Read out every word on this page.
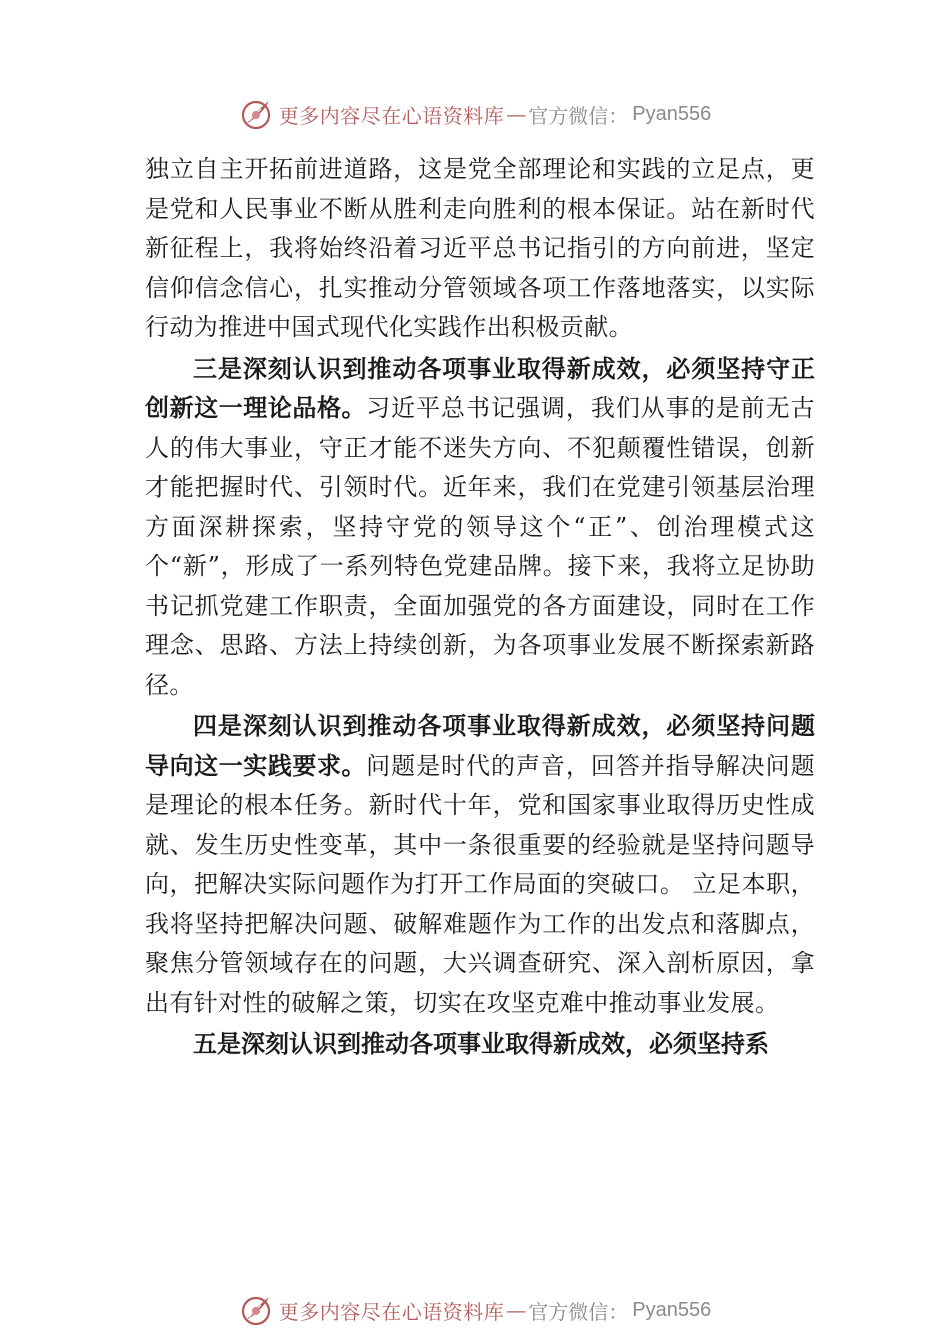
更多内容尽在心语资料库 — 官方微信： Pyan556

独立自主开拓前进道路，这是党全部理论和实践的立足点，更是党和人民事业不断从胜利走向胜利的根本保证。站在新时代新征程上，我将始终沿着习近平总书记指引的方向前进，坚定信仰信念信心，扎实推动分管领域各项工作落地落实，以实际行动为推进中国式现代化实践作出积极贡献。

三是深刻认识到推动各项事业取得新成效，必须坚持守正创新这一理论品格。习近平总书记强调，我们从事的是前无古人的伟大事业，守正才能不迷失方向、不犯颠覆性错误，创新才能把握时代、引领时代。近年来，我们在党建引领基层治理方面深耕探索，坚持守党的领导这个“正”、创治理模式这个“新”，形成了一系列特色党建品牌。接下来，我将立足协助书记抓党建工作职责，全面加强党的各方面建设，同时在工作理念、思路、方法上持续创新，为各项事业发展不断探索新路径。

四是深刻认识到推动各项事业取得新成效，必须坚持问题导向这一实践要求。问题是时代的声音，回答并指导解决问题是理论的根本任务。新时代十年，党和国家事业取得历史性成就、发生历史性变革，其中一条很重要的经验就是坚持问题导向，把解决实际问题作为打开工作局面的突破口。 立足本职，我将坚持把解决问题、破解难题作为工作的出发点和落脚点，聚焦分管领域存在的问题，大兴调查研究、深入剖析原因，拿出有针对性的破解之策，切实在攻坚克难中推动事业发展。

五是深刻认识到推动各项事业取得新成效，必须坚持系

更多内容尽在心语资料库 — 官方微信： Pyan556
